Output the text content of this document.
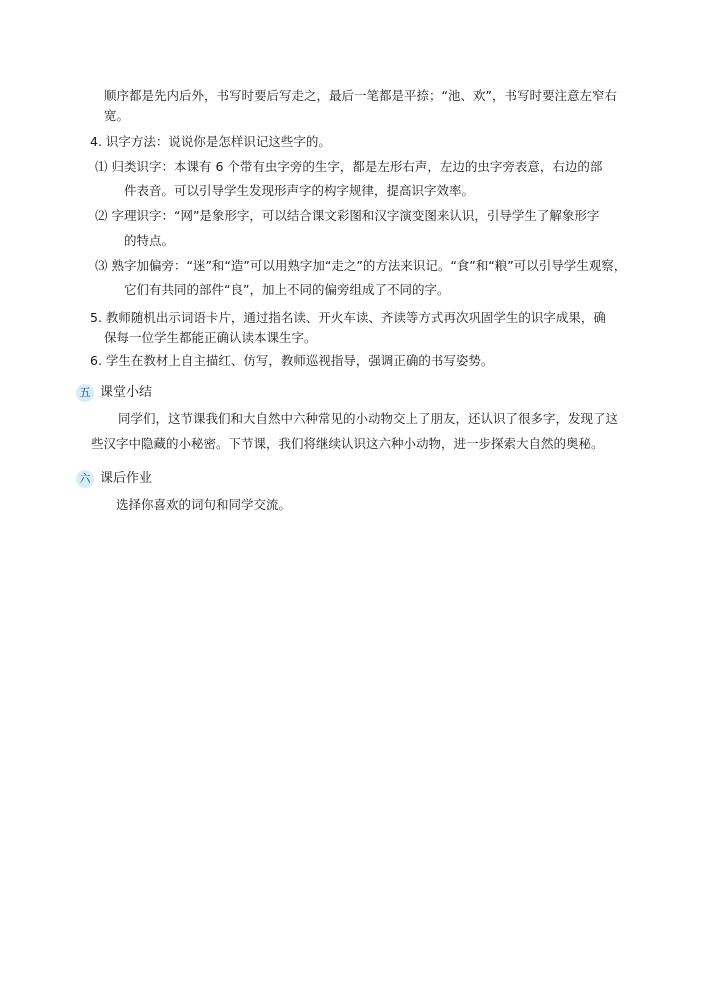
顺序都是先内后外，书写时要后写走之，最后一笔都是平捺；“池、欢”，书写时要注意左窄右
宽。
4. 识字方法：说说你是怎样识记这些字的。
⑴ 归类识字：本课有 6 个带有虫字旁的生字，都是左形右声，左边的虫字旁表意，右边的部
件表音。可以引导学生发现形声字的构字规律，提高识字效率。
⑵ 字理识字：“网”是象形字，可以结合课文彩图和汉字演变图来认识，引导学生了解象形字
的特点。
⑶ 熟字加偏旁：“迷”和“造”可以用熟字加“走之”的方法来识记。“食”和“粮”可以引导学生观察，
它们有共同的部件“良”，加上不同的偏旁组成了不同的字。
5. 教师随机出示词语卡片，通过指名读、开火车读、齐读等方式再次巩固学生的识字成果，确
保每一位学生都能正确认读本课生字。
6. 学生在教材上自主描红、仿写，教师巡视指导，强调正确的书写姿势。
五 课堂小结
同学们，这节课我们和大自然中六种常见的小动物交上了朋友，还认识了很多字，发现了这
些汉字中隐藏的小秘密。下节课，我们将继续认识这六种小动物，进一步探索大自然的奥秘。
六 课后作业
选择你喜欢的词句和同学交流。
